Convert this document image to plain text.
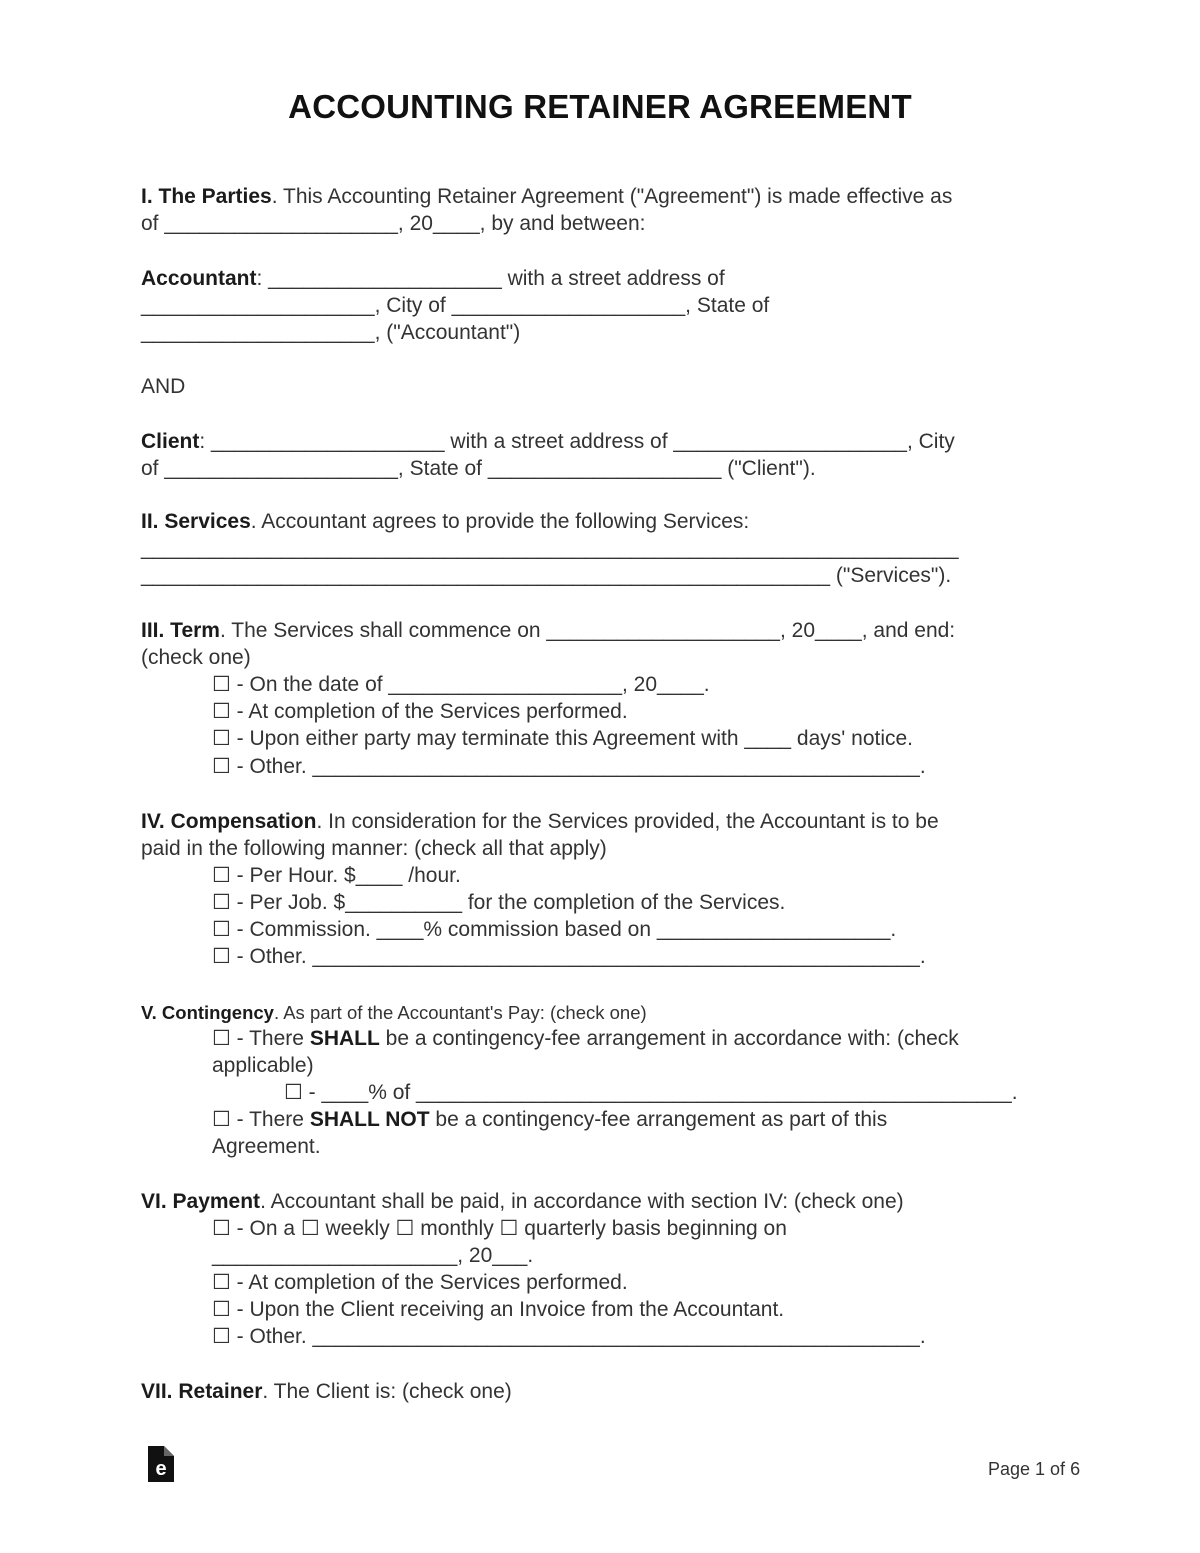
ACCOUNTING RETAINER AGREEMENT
I. The Parties. This Accounting Retainer Agreement ("Agreement") is made effective as
of ____________________, 20____, by and between:
Accountant: ____________________ with a street address of
____________________, City of ____________________, State of
____________________, ("Accountant")
AND
Client: ____________________ with a street address of ____________________, City
of ____________________, State of ____________________ ("Client").
II. Services. Accountant agrees to provide the following Services:
______________________________________________________________________
___________________________________________________________ ("Services").
III. Term. The Services shall commence on ____________________, 20____, and end:
(check one)
☐ - On the date of ____________________, 20____.
☐ - At completion of the Services performed.
☐ - Upon either party may terminate this Agreement with ____ days' notice.
☐ - Other. ____________________________________________________.
IV. Compensation. In consideration for the Services provided, the Accountant is to be
paid in the following manner: (check all that apply)
☐ - Per Hour. $____ /hour.
☐ - Per Job. $__________ for the completion of the Services.
☐ - Commission. ____% commission based on ____________________.
☐ - Other. ____________________________________________________.
V. Contingency. As part of the Accountant's Pay: (check one)
☐ - There SHALL be a contingency-fee arrangement in accordance with: (check
applicable)
☐ - ____% of ___________________________________________________.
☐ - There SHALL NOT be a contingency-fee arrangement as part of this
Agreement.
VI. Payment. Accountant shall be paid, in accordance with section IV: (check one)
☐ - On a ☐ weekly ☐ monthly ☐ quarterly basis beginning on
_____________________, 20___.
☐ - At completion of the Services performed.
☐ - Upon the Client receiving an Invoice from the Accountant.
☐ - Other. ____________________________________________________.
VII. Retainer. The Client is: (check one)
e	Page 1 of 6
